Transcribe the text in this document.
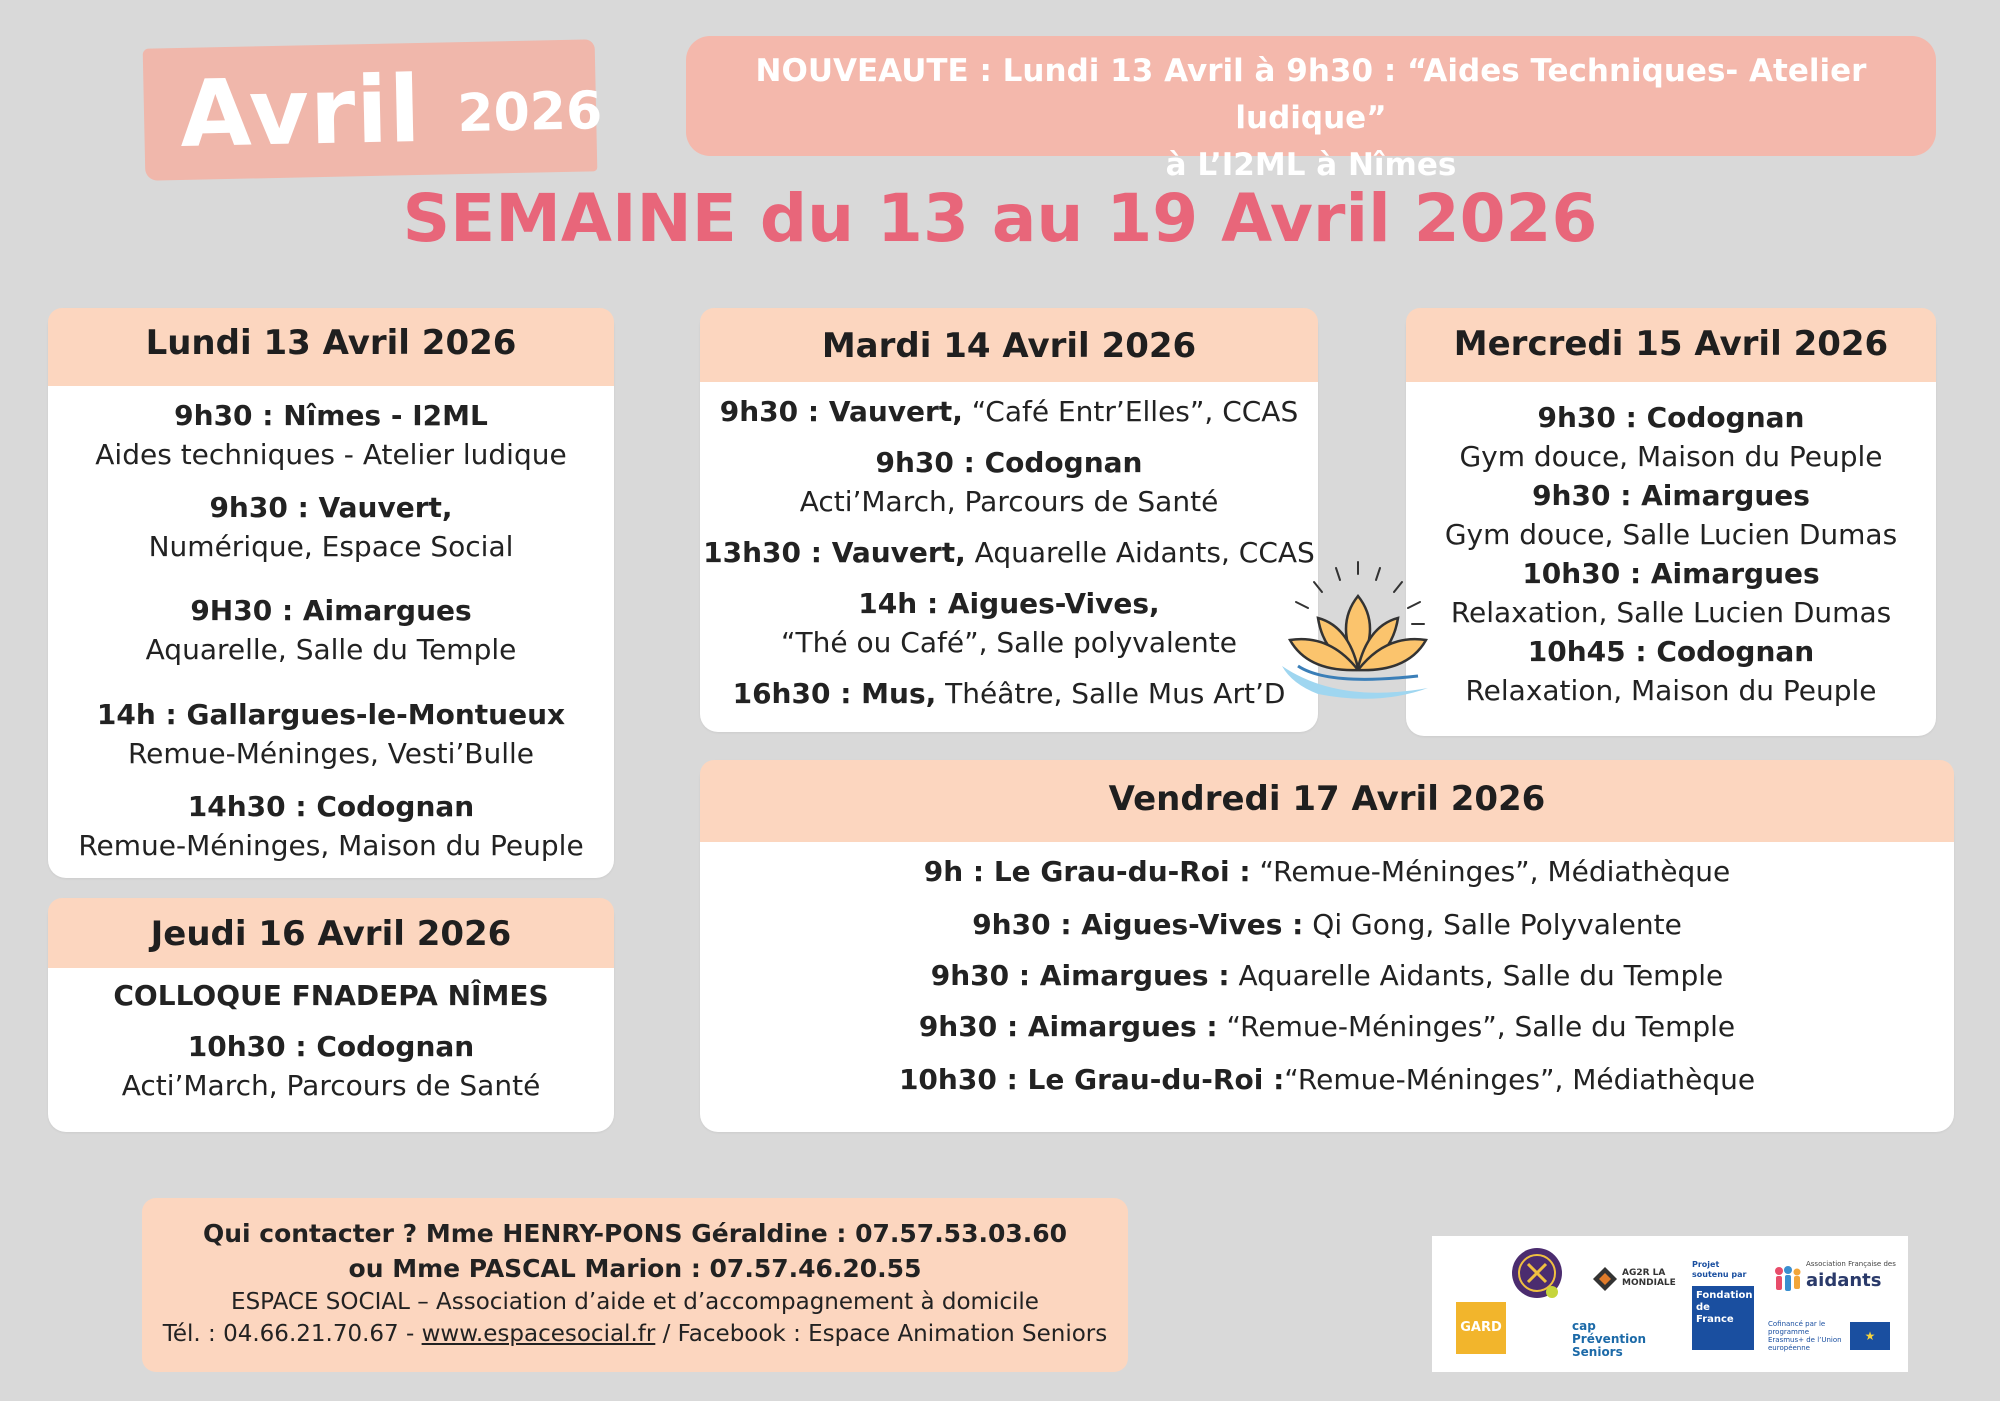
Avril 2026
NOUVEAUTE : Lundi 13 Avril à 9h30 : “Aides Techniques- Atelier ludique”
à L’I2ML à Nîmes
SEMAINE du 13 au 19 Avril 2026
Lundi 13 Avril 2026
9h30 : Nîmes - I2ML
Aides techniques - Atelier ludique
9h30 : Vauvert,
Numérique, Espace Social
9H30 : Aimargues
Aquarelle, Salle du Temple
14h : Gallargues-le-Montueux
Remue-Méninges, Vesti’Bulle
14h30 : Codognan
Remue-Méninges, Maison du Peuple
Jeudi 16 Avril 2026
COLLOQUE FNADEPA NÎMES
10h30 : Codognan
Acti’March, Parcours de Santé
Mardi 14 Avril 2026
9h30 : Vauvert, “Café Entr’Elles”, CCAS
9h30 : Codognan
Acti’March, Parcours de Santé
13h30 : Vauvert, Aquarelle Aidants, CCAS
14h : Aigues-Vives,
“Thé ou Café”, Salle polyvalente
16h30 : Mus, Théâtre, Salle Mus Art’D
Mercredi 15 Avril 2026
9h30 : Codognan
Gym douce, Maison du Peuple
9h30 : Aimargues
Gym douce, Salle Lucien Dumas
10h30 : Aimargues
Relaxation, Salle Lucien Dumas
10h45 : Codognan
Relaxation, Maison du Peuple
Vendredi 17 Avril 2026
9h : Le Grau-du-Roi : “Remue-Méninges”, Médiathèque
9h30 : Aigues-Vives : Qi Gong, Salle Polyvalente
9h30 : Aimargues : Aquarelle Aidants, Salle du Temple
9h30 : Aimargues : “Remue-Méninges”, Salle du Temple
10h30 : Le Grau-du-Roi :“Remue-Méninges”, Médiathèque
Qui contacter ? Mme HENRY-PONS Géraldine : 07.57.53.03.60
ou Mme PASCAL Marion : 07.57.46.20.55
ESPACE SOCIAL – Association d’aide et d’accompagnement à domicile
Tél. : 04.66.21.70.67 - www.espacesocial.fr / Facebook : Espace Animation Seniors	GARD
AG2R LA MONDIALE
cap Prévention Seniors
Projet soutenu par
Fondation de France
Association Française des
aidants
Cofinancé par le programme Erasmus+ de l’Union européenne
★
